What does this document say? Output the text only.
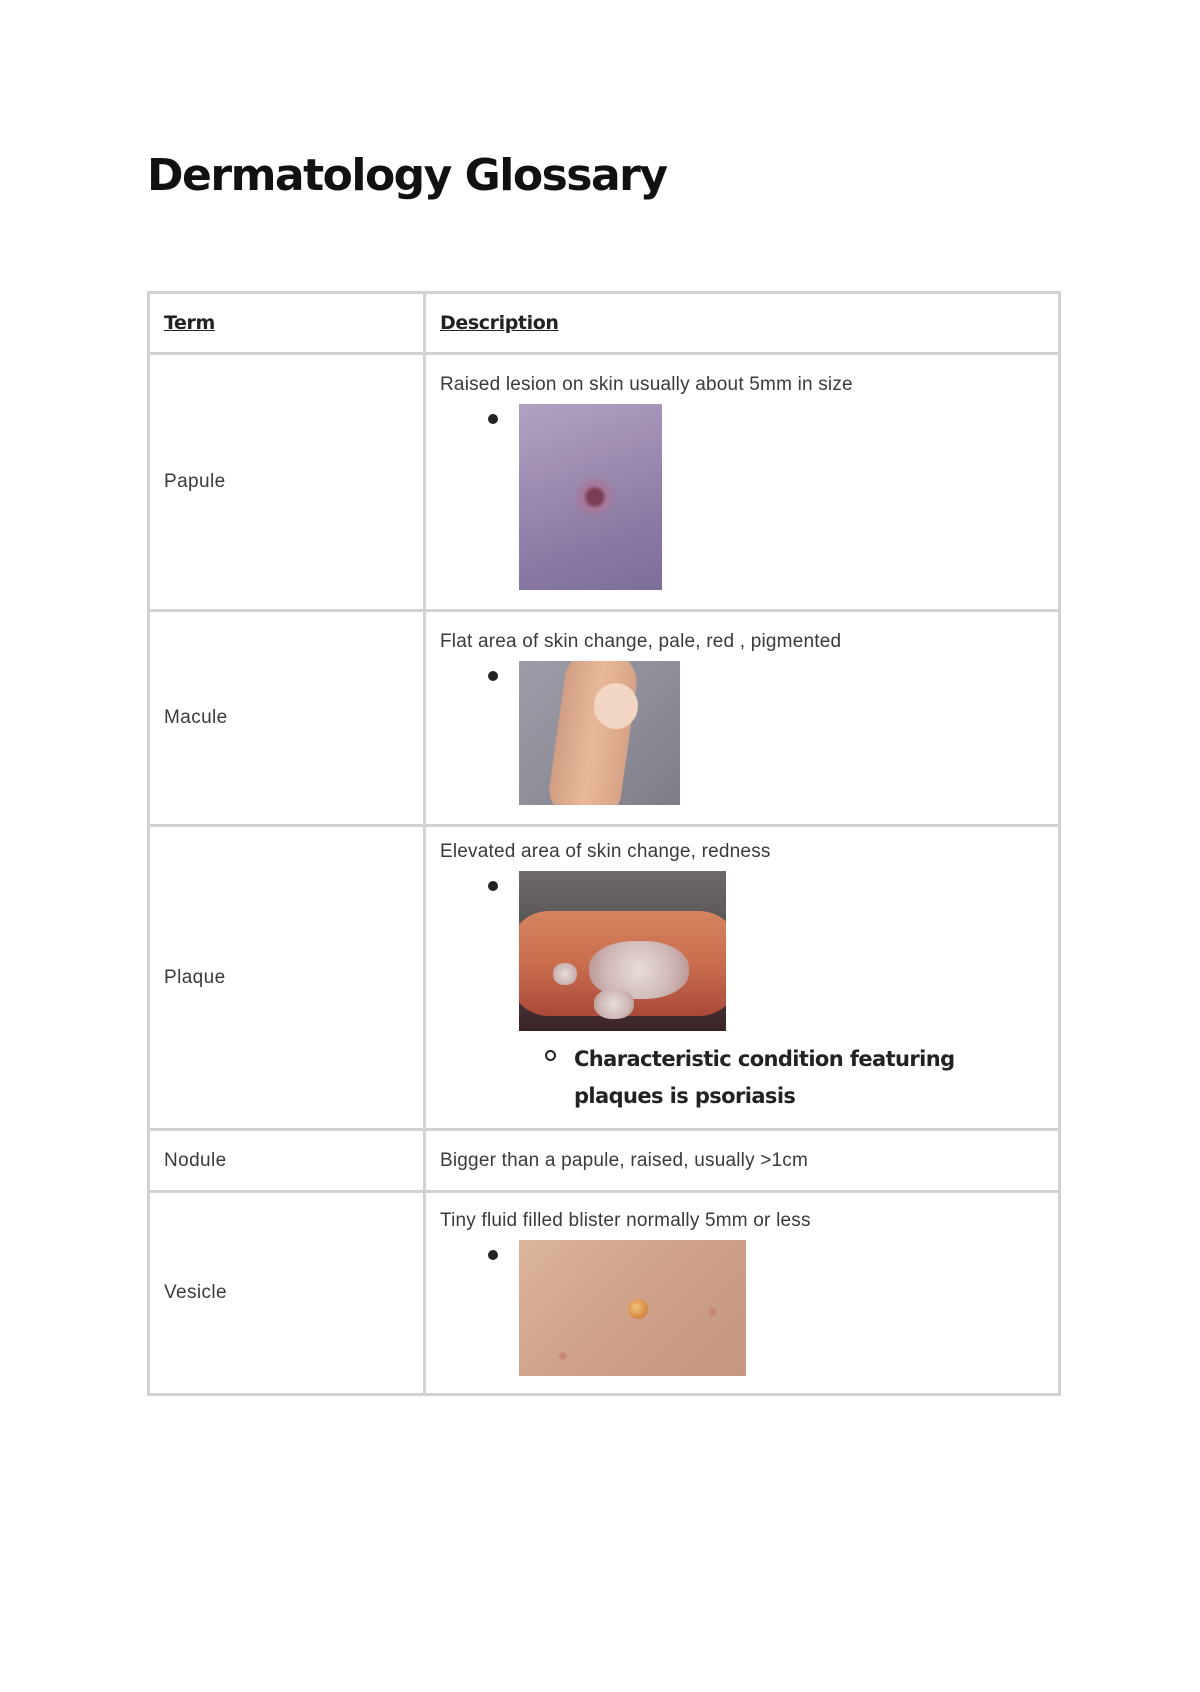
Dermatology Glossary
Term	Description
Papule	Raised lesion on skin usually about 5mm in size

Macule	Flat area of skin change, pale, red , pigmented

Plaque	Elevated area of skin change, redness
Characteristic condition featuring plaques is psoriasis

Nodule	Bigger than a papule, raised, usually >1cm

Vesicle	Tiny fluid filled blister normally 5mm or less
